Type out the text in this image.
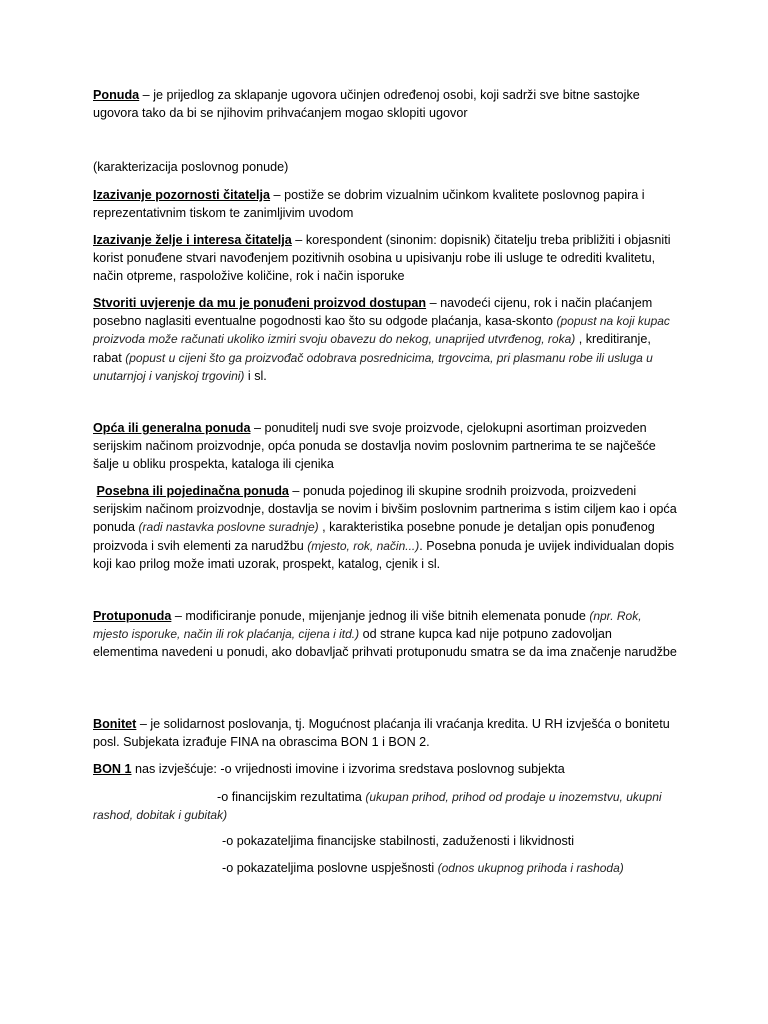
Ponuda – je prijedlog za sklapanje ugovora učinjen određenoj osobi, koji sadrži sve bitne sastojke ugovora tako da bi se njihovim prihvaćanjem mogao sklopiti ugovor

(karakterizacija poslovnog ponude)

Izazivanje pozornosti čitatelja – postiže se dobrim vizualnim učinkom kvalitete poslovnog papira i reprezentativnim tiskom te zanimljivim uvodom

Izazivanje želje i interesa čitatelja – korespondent (sinonim: dopisnik) čitatelju treba približiti i objasniti korist ponuđene stvari navođenjem pozitivnih osobina u upisivanju robe ili usluge te odrediti kvalitetu, način otpreme, raspoložive količine, rok i način isporuke

Stvoriti uvjerenje da mu je ponuđeni proizvod dostupan – navodeći cijenu, rok i način plaćanjem posebno naglasiti eventualne pogodnosti kao što su odgode plaćanja, kasa-skonto (popust na koji kupac proizvoda može računati ukoliko izmiri svoju obavezu do nekog, unaprijed utvrđenog, roka) , kreditiranje, rabat (popust u cijeni što ga proizvođač odobrava posrednicima, trgovcima, pri plasmanu robe ili usluga u unutarnjoj i vanjskoj trgovini) i sl.

Opća ili generalna ponuda – ponuditelj nudi sve svoje proizvode, cjelokupni asortiman proizveden serijskim načinom proizvodnje, opća ponuda se dostavlja novim poslovnim partnerima te se najčešće šalje u obliku prospekta, kataloga ili cjenika

Posebna ili pojedinačna ponuda – ponuda pojedinog ili skupine srodnih proizvoda, proizvedeni serijskim načinom proizvodnje, dostavlja se novim i bivšim poslovnim partnerima s istim ciljem kao i opća ponuda (radi nastavka poslovne suradnje) , karakteristika posebne ponude je detaljan opis ponuđenog proizvoda i svih elementi za narudžbu (mjesto, rok, način...). Posebna ponuda je uvijek individualan dopis koji kao prilog može imati uzorak, prospekt, katalog, cjenik i sl.

Protuponuda – modificiranje ponude, mijenjanje jednog ili više bitnih elemenata ponude (npr. Rok, mjesto isporuke, način ili rok plaćanja, cijena i itd.) od strane kupca kad nije potpuno zadovoljan elementima navedeni u ponudi, ako dobavljač prihvati protuponudu smatra se da ima značenje narudžbe

Bonitet – je solidarnost poslovanja, tj. Mogućnost plaćanja ili vraćanja kredita. U RH izvješća o bonitetu posl. Subjekata izrađuje FINA na obrascima BON 1 i BON 2.

BON 1 nas izvješćuje: -o vrijednosti imovine i izvorima sredstava poslovnog subjekta

-o financijskim rezultatima (ukupan prihod, prihod od prodaje u inozemstvu, ukupni rashod, dobitak i gubitak)

-o pokazateljima financijske stabilnosti, zaduženosti i likvidnosti

-o pokazateljima poslovne uspješnosti (odnos ukupnog prihoda i rashoda)
